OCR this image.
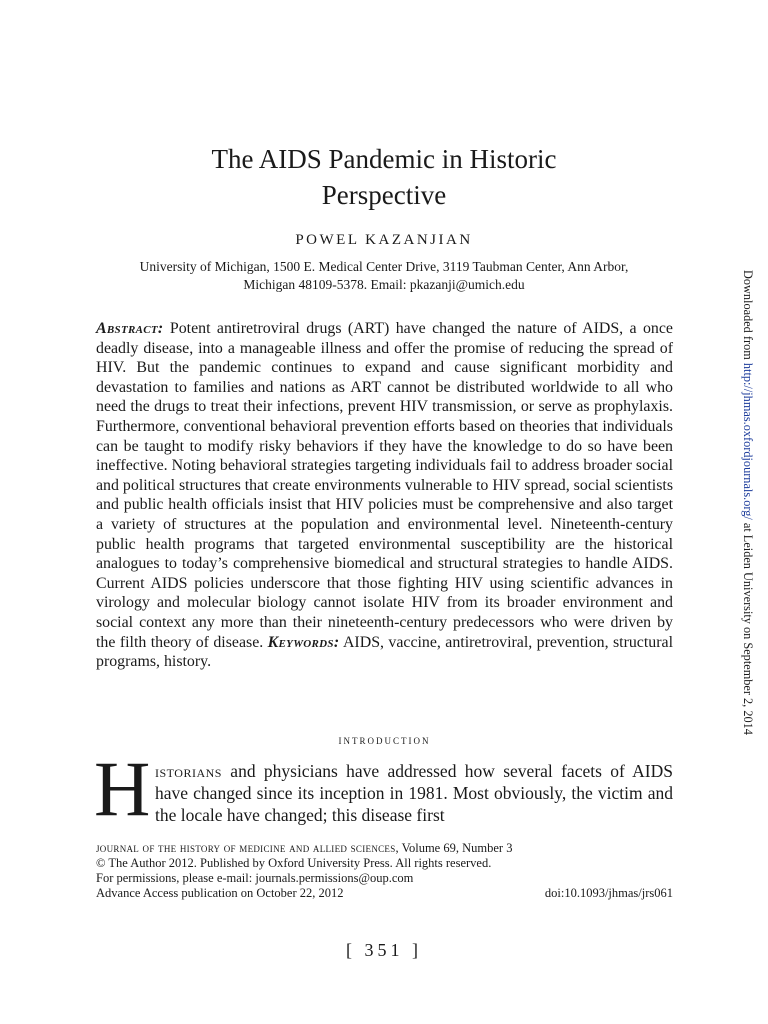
The AIDS Pandemic in Historic
Perspective
POWEL KAZANJIAN
University of Michigan, 1500 E. Medical Center Drive, 3119 Taubman Center, Ann Arbor,
Michigan 48109-5378. Email: pkazanji@umich.edu
Abstract: Potent antiretroviral drugs (ART) have changed the nature of AIDS, a once deadly disease, into a manageable illness and offer the promise of reducing the spread of HIV. But the pandemic continues to expand and cause significant morbidity and devastation to families and nations as ART cannot be distributed worldwide to all who need the drugs to treat their infections, prevent HIV transmission, or serve as prophylaxis. Furthermore, conventional behavioral prevention efforts based on theories that individuals can be taught to modify risky behaviors if they have the knowledge to do so have been ineffective. Noting behavioral strategies targeting individuals fail to address broader social and political structures that create environments vulnerable to HIV spread, social scientists and public health officials insist that HIV policies must be comprehensive and also target a variety of structures at the population and environmental level. Nineteenth-century public health programs that targeted environmental susceptibility are the historical analogues to today’s comprehensive biomedical and structural strategies to handle AIDS. Current AIDS policies underscore that those fighting HIV using scientific advances in virology and molecular biology cannot isolate HIV from its broader environment and social context any more than their nineteenth-century predecessors who were driven by the filth theory of disease. Keywords: AIDS, vaccine, antiretroviral, prevention, structural programs, history.
introduction
H istorians and physicians have addressed how several facets of AIDS have changed since its inception in 1981. Most obviously, the victim and the locale have changed; this disease first
journal of the history of medicine and allied sciences, Volume 69, Number 3
© The Author 2012. Published by Oxford University Press. All rights reserved.
For permissions, please e-mail: journals.permissions@oup.com
Advance Access publication on October 22, 2012	doi:10.1093/jhmas/jrs061
[ 351 ]
Downloaded from http://jhmas.oxfordjournals.org/ at Leiden University on September 2, 2014
